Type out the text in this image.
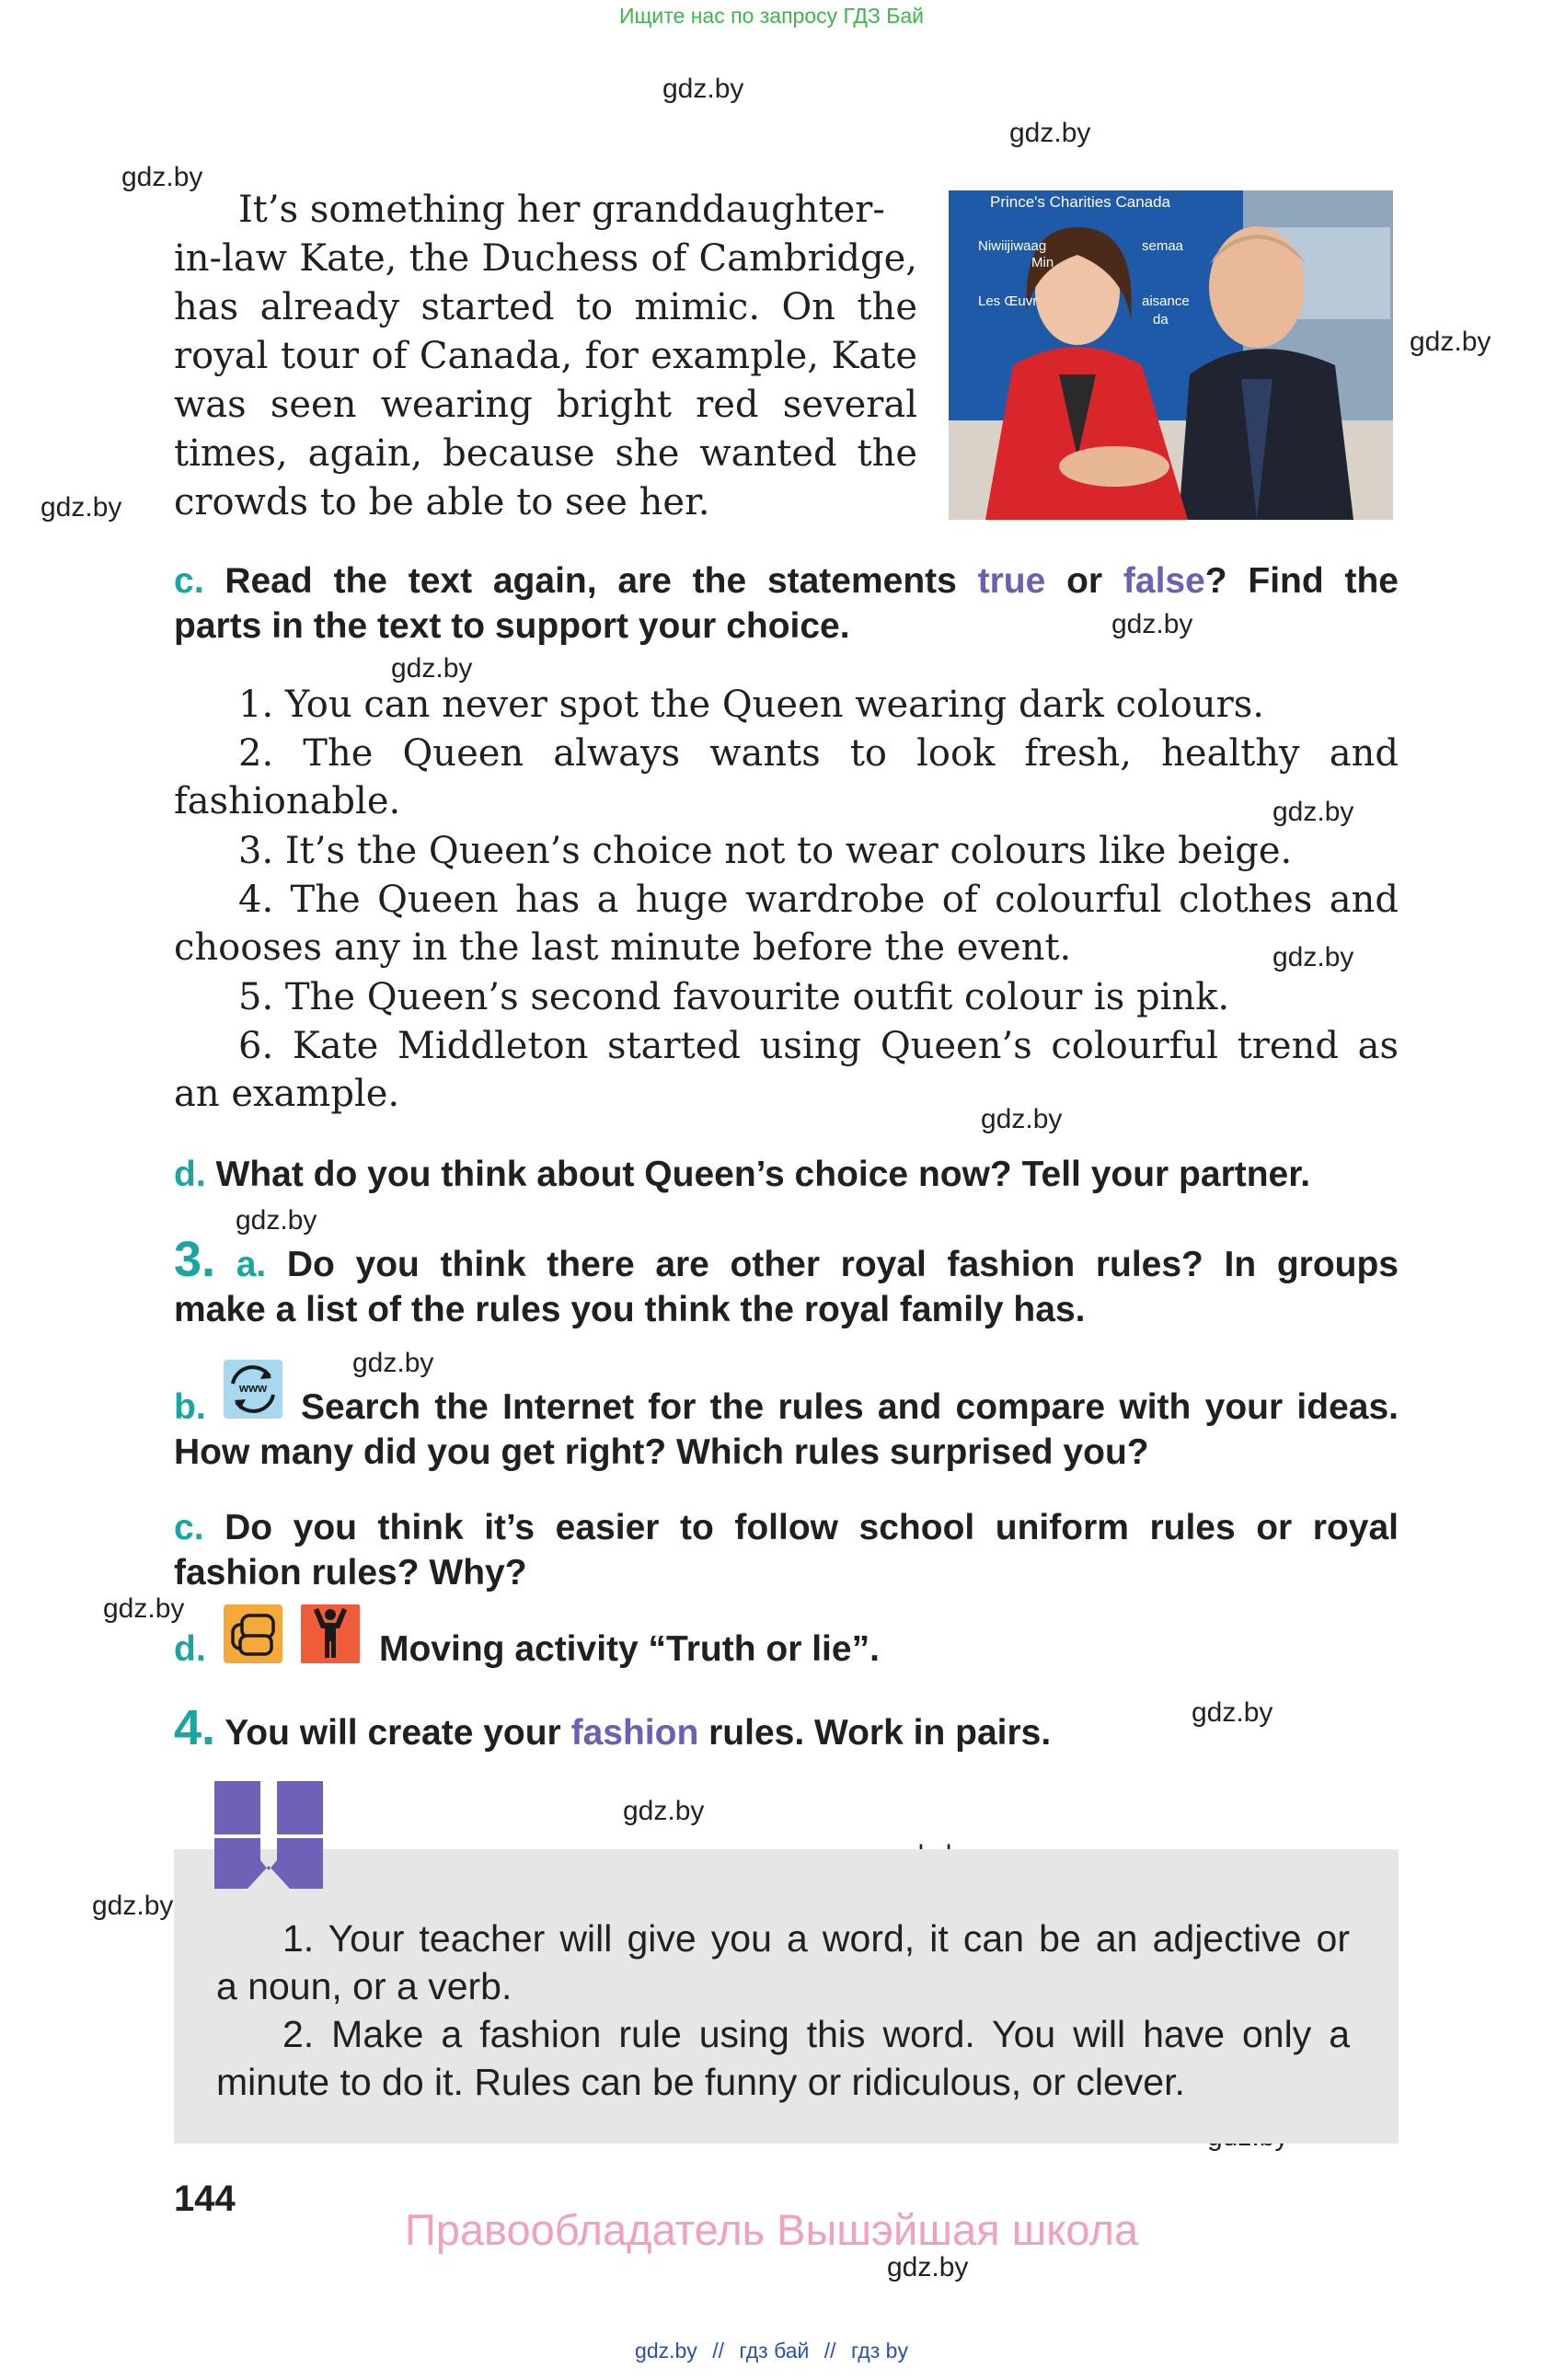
Ищите нас по запросу ГДЗ Бай
gdz.by
gdz.by
gdz.by
gdz.by
gdz.by
gdz.by
gdz.by
gdz.by
gdz.by
gdz.by
gdz.by
gdz.by
gdz.by
gdz.by
gdz.by
gdz.by
gdz.by
It’s something her granddaughter-
in-law Kate, the Duchess of Cambridge,
has already started to mimic. On the
royal tour of Canada, for example, Kate
was seen wearing bright red several
times, again, because she wanted the
crowds to be able to see her.
Prince's Charities Canada
Niwiijiwaag
Min
semaa
Les Œuvr	aisance
da
c. Read the text again, are the statements true or false? Find the
parts in the text to support your choice.
1. You can never spot the Queen wearing dark colours.
2. The Queen always wants to look fresh, healthy and
fashionable.
3. It’s the Queen’s choice not to wear colours like beige.
4. The Queen has a huge wardrobe of colourful clothes and
chooses any in the last minute before the event.
5. The Queen’s second favourite outfit colour is pink.
6. Kate Middleton started using Queen’s colourful trend as
an example.
d. What do you think about Queen’s choice now? Tell your partner.
3. a. Do you think there are other royal fashion rules? In groups
make a list of the rules you think the royal family has.
b.	www Search the Internet for the rules and compare with your ideas.
How many did you get right? Which rules surprised you?
c. Do you think it’s easier to follow school uniform rules or royal
fashion rules? Why?
d.	Moving activity “Truth or lie”.
4. You will create your fashion rules. Work in pairs.
1. Your teacher will give you a word, it can be an adjective or
a noun, or a verb.
2. Make a fashion rule using this word. You will have only a
minute to do it. Rules can be funny or ridiculous, or clever.
144
Правообладатель Вышэйшая школа
gdz.by // гдз бай // гдз by
